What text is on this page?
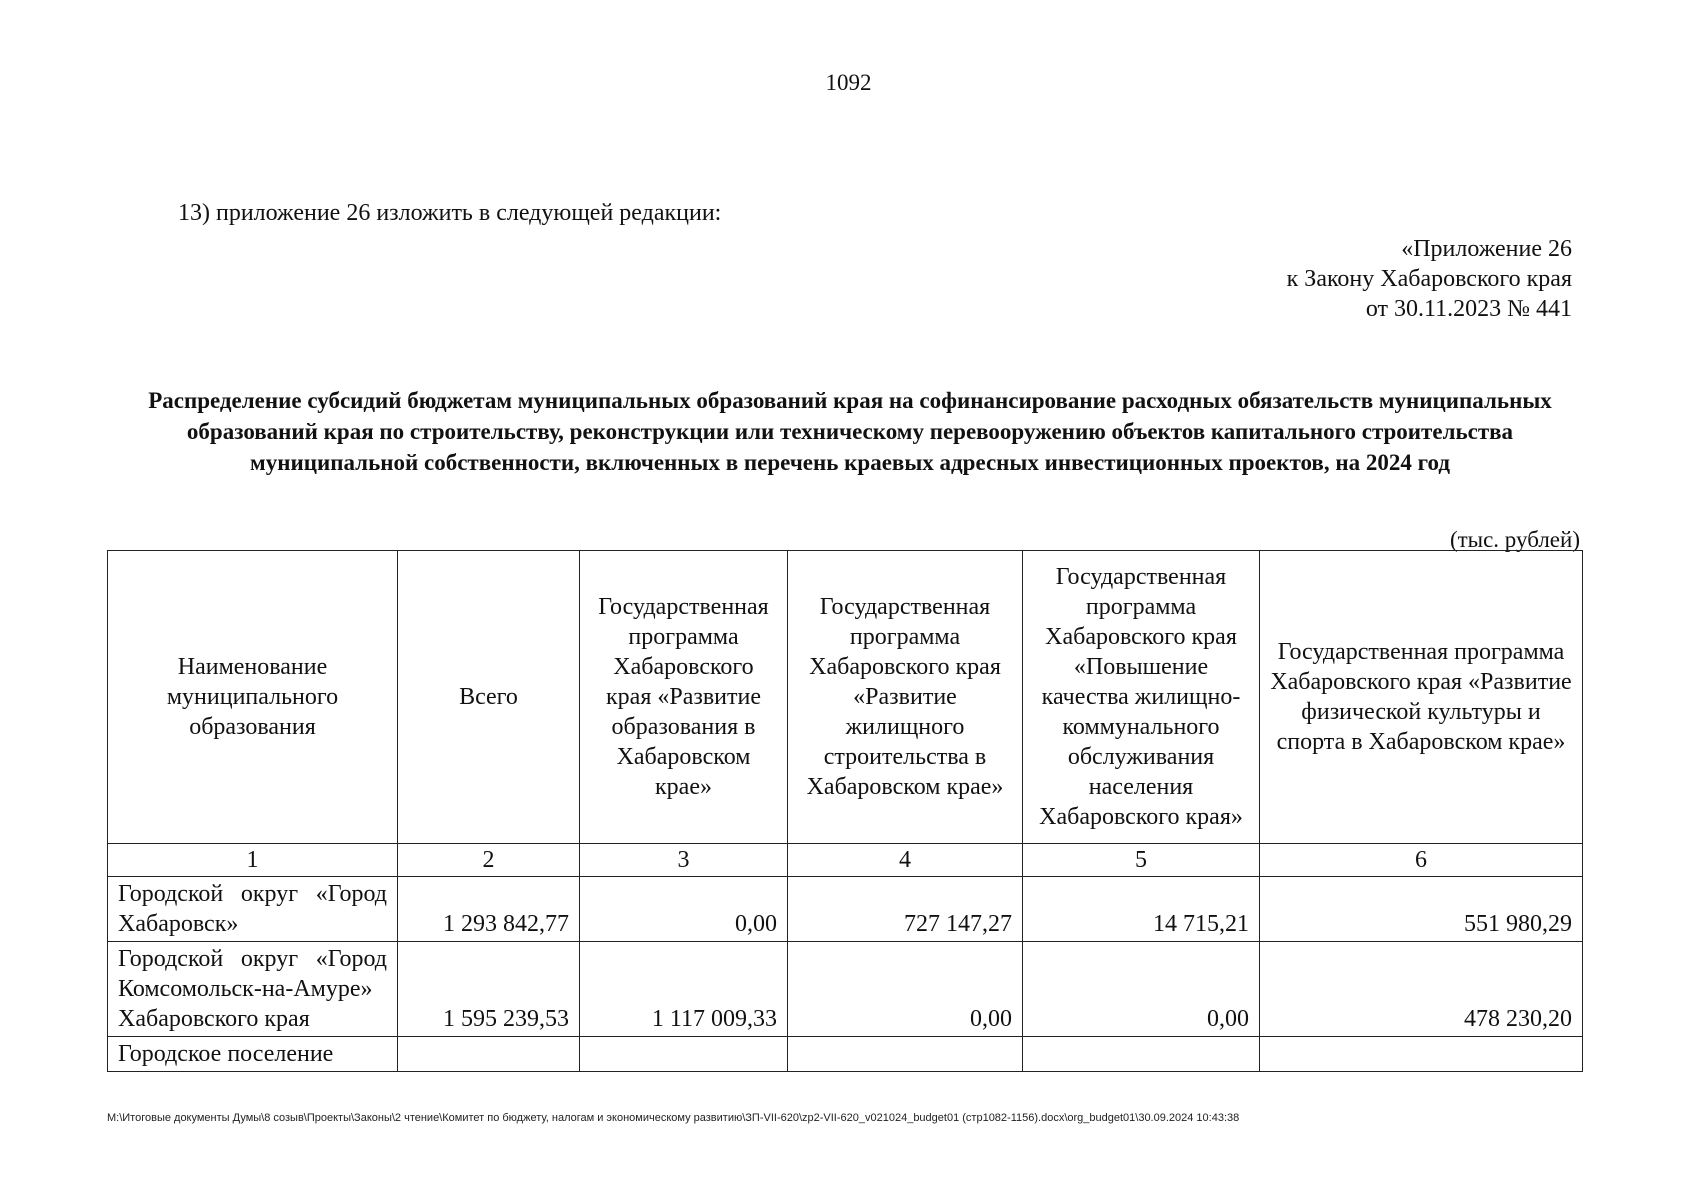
1092
13) приложение 26 изложить в следующей редакции:
«Приложение 26
к Закону Хабаровского края
от 30.11.2023 № 441
Распределение субсидий бюджетам муниципальных образований края на софинансирование расходных обязательств муниципальных образований края по строительству, реконструкции или техническому перевооружению объектов капитального строительства муниципальной собственности, включенных в перечень краевых адресных инвестиционных проектов, на 2024 год
(тыс. рублей)
Наименование муниципального образования	Всего	Государственная программа Хабаровского края «Развитие образования в Хабаровском крае»	Государственная программа Хабаровского края «Развитие жилищного строительства в Хабаровском крае»	Государственная программа Хабаровского края «Повышение качества жилищно-коммунального обслуживания населения Хабаровского края»	Государственная программа Хабаровского края «Развитие физической культуры и спорта в Хабаровском крае»
1	2	3	4	5	6
Городской округ «Город Хабаровск»	1 293 842,77	0,00	727 147,27	14 715,21	551 980,29
Городской округ «Город Комсомольск-на-Амуре» Хабаровского края	1 595 239,53	1 117 009,33	0,00	0,00	478 230,20
Городское поселение					
M:\Итоговые документы Думы\8 созыв\Проекты\Законы\2 чтение\Комитет по бюджету, налогам и экономическому развитию\ЗП-VII-620\zp2-VII-620_v021024_budget01 (стр1082-1156).docx\org_budget01\30.09.2024 10:43:38
